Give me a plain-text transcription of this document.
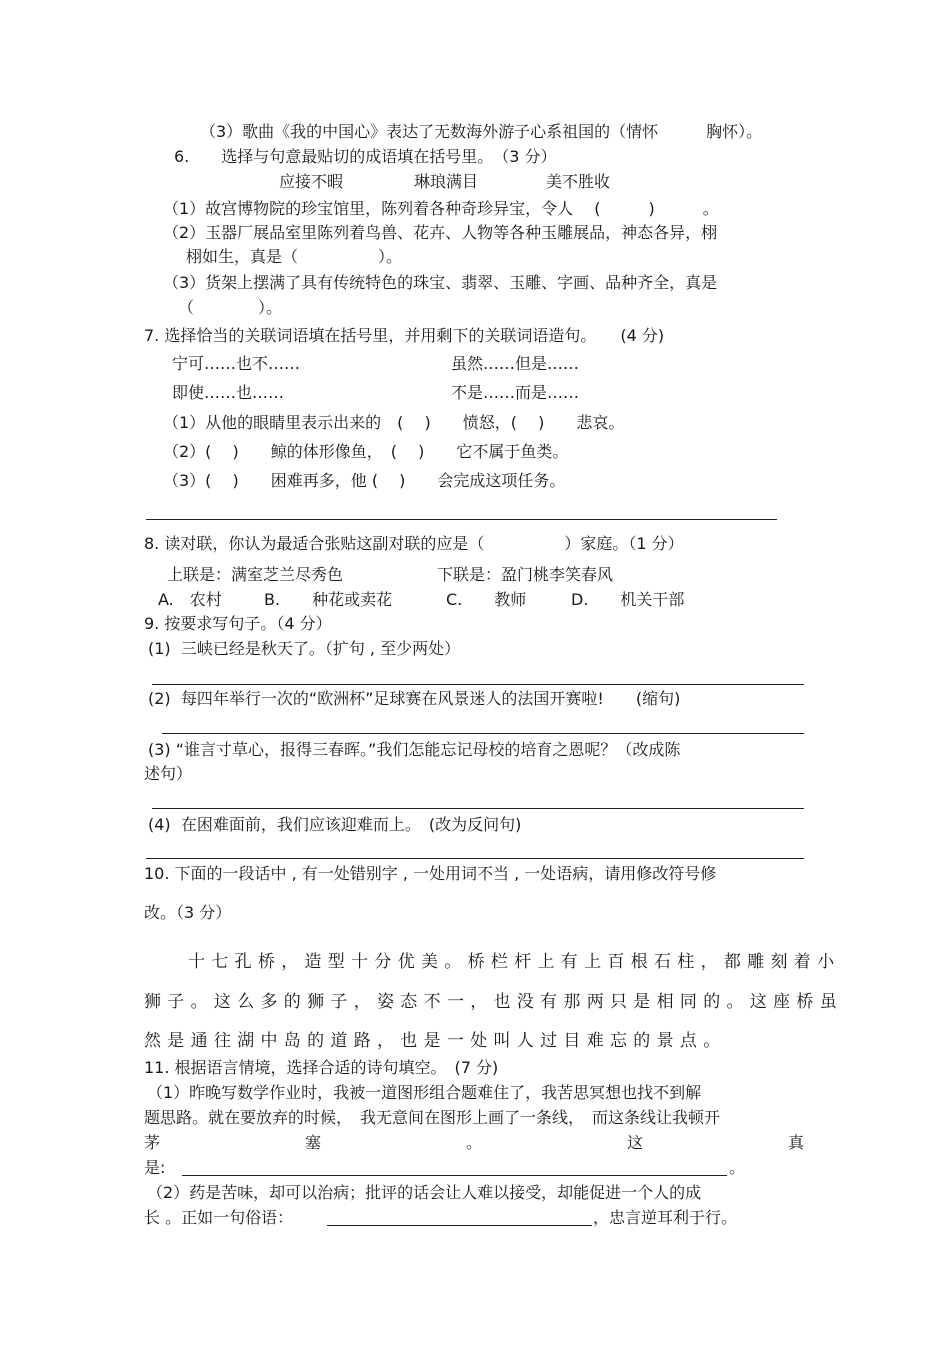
（3）歌曲《我的中国心》表达了无数海外游子心系祖国的（情怀　　　胸怀）。
6.　　选择与句意最贴切的成语填在括号里。　（3 分）
应接不暇	琳琅满目	美不胜收
（1）故宫博物院的珍宝馆里，陈列着各种奇珍异宝，令人　 (　　　)　　　。
（2）玉器厂展品室里陈列着鸟兽、花卉、人物等各种玉雕展品，神态各异，栩
栩如生，真是（　　　　　）。
（3）货架上摆满了具有传统特色的珠宝、翡翠、玉雕、字画、品种齐全，真是
（　　　　）。
7. 选择恰当的关联词语填在括号里，并用剩下的关联词语造句。　　(4 分)
宁可……也不……	虽然……但是……
即使……也……	不是……而是……
（1）从他的眼睛里表示出来的　(　 )　　愤怒，(　 )　　悲哀。
（2）(　 )　　鲸的体形像鱼，　(　 )　　它不属于鱼类。
（3）(　 )　　困难再多，他 (　 )　　会完成这项任务。
8. 读对联，你认为最适合张贴这副对联的应是（　　　　　）家庭。（1 分）
上联是：满室芝兰尽秀色	下联是：盈门桃李笑春风
A.　农村	B.　　种花或卖花	C.　　教师	D.　　机关干部
9. 按要求写句子。（4 分）
(1)  三峡已经是秋天了。（扩句 , 至少两处）
(2)  每四年举行一次的“欧洲杯”足球赛在风景迷人的法国开赛啦!　　(缩句)
(3) “谁言寸草心，报得三春晖。”我们怎能忘记母校的培育之恩呢？（改成陈
述句）
(4)  在困难面前，我们应该迎难而上。　(改为反问句)
10. 下面的一段话中 , 有一处错别字 , 一处用词不当 , 一处语病，请用修改符号修
改。（3 分）
十七孔桥，造型十分优美。桥栏杆上有上百根石柱，都雕刻着小
狮子。这么多的狮子，姿态不一，也没有那两只是相同的。这座桥虽
然是通往湖中岛的道路，也是一处叫人过目难忘的景点。
11. 根据语言情境，选择合适的诗句填空。　(7 分)
（1）昨晚写数学作业时，我被一道图形组合题难住了，我苦思冥想也找不到解
题思路。就在要放弃的时候，　我无意间在图形上画了一条线，　而这条线让我顿开
茅	塞	。	这	真
是:	。
（2）药是苦味，却可以治病；批评的话会让人难以接受，却能促进一个人的成
长 。正如一句俗语：	，忠言逆耳利于行。
